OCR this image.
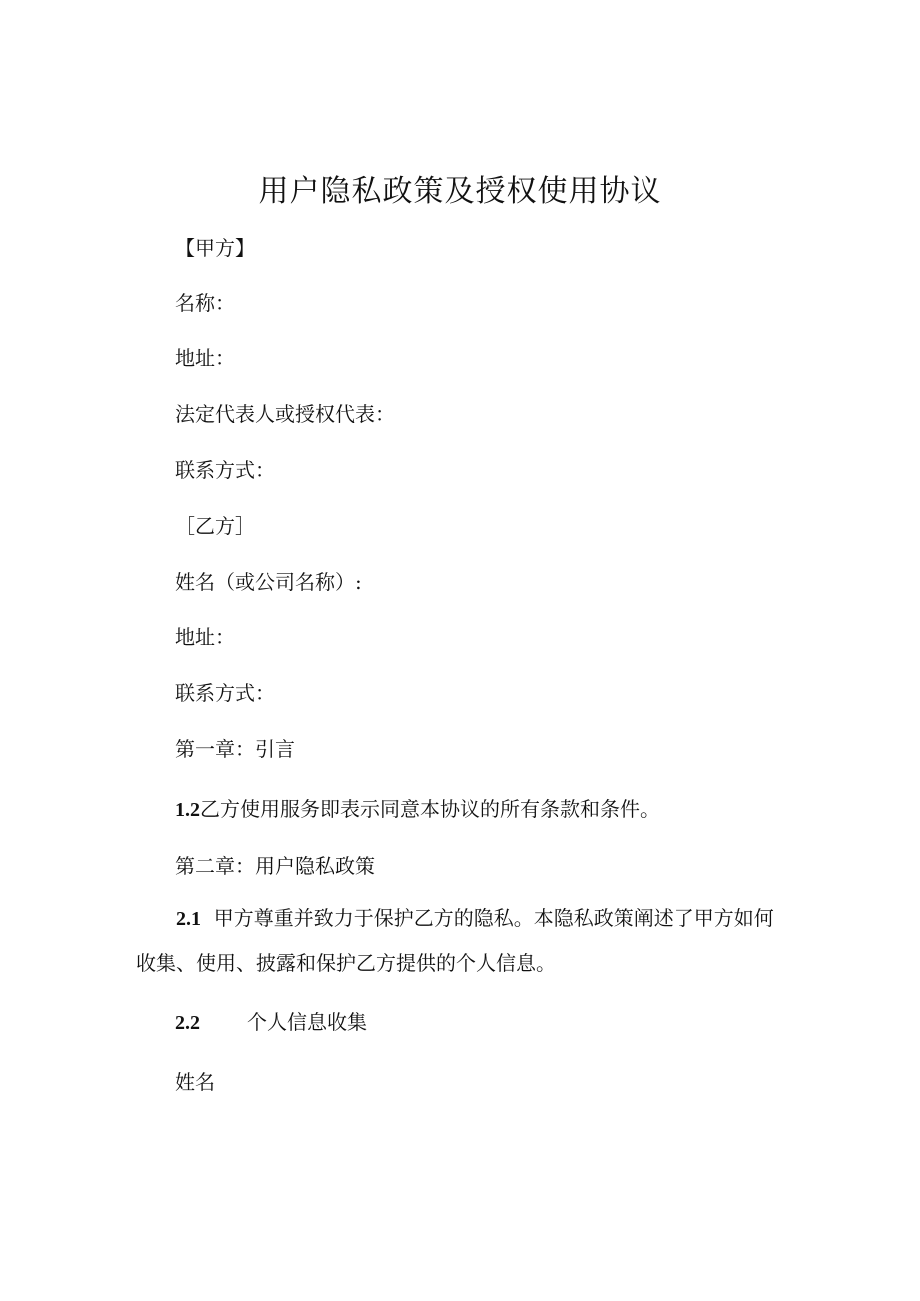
用户隐私政策及授权使用协议

【甲方】

名称：

地址：

法定代表人或授权代表：

联系方式：

［乙方］

姓名（或公司名称）:

地址：

联系方式：

第一章：引言

1.2乙方使用服务即表示同意本协议的所有条款和条件。

第二章：用户隐私政策

2.1 甲方尊重并致力于保护乙方的隐私。本隐私政策阐述了甲方如何
收集、使用、披露和保护乙方提供的个人信息。

2.2 个人信息收集

姓名
